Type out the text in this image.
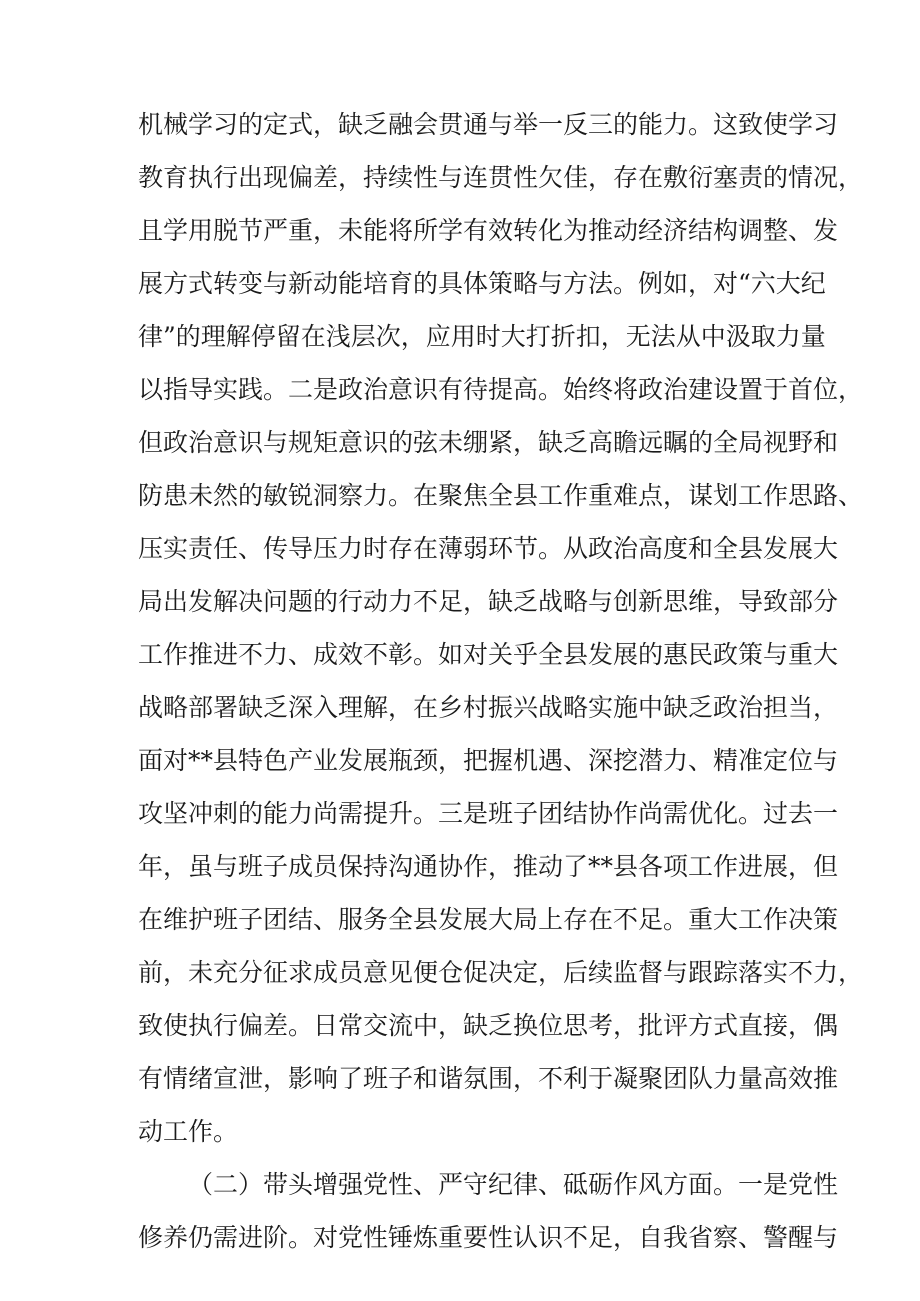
机械学习的定式，缺乏融会贯通与举一反三的能力。这致使学习
教育执行出现偏差，持续性与连贯性欠佳，存在敷衍塞责的情况，
且学用脱节严重，未能将所学有效转化为推动经济结构调整、发
展方式转变与新动能培育的具体策略与方法。例如，对“六大纪
律”的理解停留在浅层次，应用时大打折扣，无法从中汲取力量
以指导实践。二是政治意识有待提高。始终将政治建设置于首位，
但政治意识与规矩意识的弦未绷紧，缺乏高瞻远瞩的全局视野和
防患未然的敏锐洞察力。在聚焦全县工作重难点，谋划工作思路、
压实责任、传导压力时存在薄弱环节。从政治高度和全县发展大
局出发解决问题的行动力不足，缺乏战略与创新思维，导致部分
工作推进不力、成效不彰。如对关乎全县发展的惠民政策与重大
战略部署缺乏深入理解，在乡村振兴战略实施中缺乏政治担当，
面对**县特色产业发展瓶颈，把握机遇、深挖潜力、精准定位与
攻坚冲刺的能力尚需提升。三是班子团结协作尚需优化。过去一
年，虽与班子成员保持沟通协作，推动了**县各项工作进展，但
在维护班子团结、服务全县发展大局上存在不足。重大工作决策
前，未充分征求成员意见便仓促决定，后续监督与跟踪落实不力，
致使执行偏差。日常交流中，缺乏换位思考，批评方式直接，偶
有情绪宣泄，影响了班子和谐氛围，不利于凝聚团队力量高效推
动工作。
（二）带头增强党性、严守纪律、砥砺作风方面。一是党性
修养仍需进阶。对党性锤炼重要性认识不足，自我省察、警醒与
